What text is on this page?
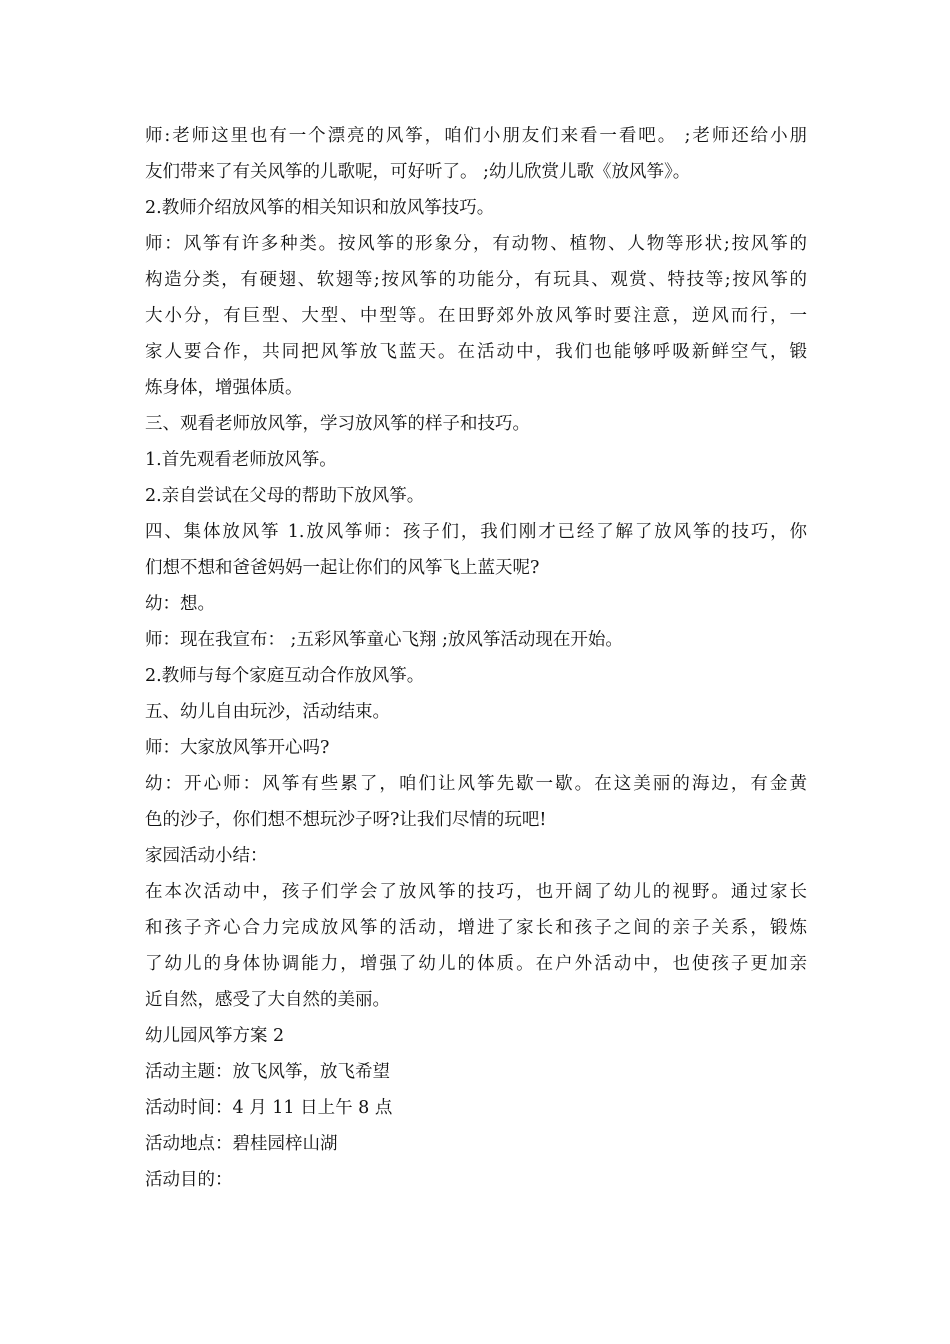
师:老师这里也有一个漂亮的风筝，咱们小朋友们来看一看吧。 ;老师还给小朋
友们带来了有关风筝的儿歌呢，可好听了。 ;幼儿欣赏儿歌《放风筝》。
2.教师介绍放风筝的相关知识和放风筝技巧。
师：风筝有许多种类。按风筝的形象分，有动物、植物、人物等形状;按风筝的
构造分类，有硬翅、软翅等;按风筝的功能分，有玩具、观赏、特技等;按风筝的
大小分，有巨型、大型、中型等。在田野郊外放风筝时要注意，逆风而行，一
家人要合作，共同把风筝放飞蓝天。在活动中，我们也能够呼吸新鲜空气，锻
炼身体，增强体质。
三、观看老师放风筝，学习放风筝的样子和技巧。
1.首先观看老师放风筝。
2.亲自尝试在父母的帮助下放风筝。
四、集体放风筝 1.放风筝师：孩子们，我们刚才已经了解了放风筝的技巧，你
们想不想和爸爸妈妈一起让你们的风筝飞上蓝天呢?
幼：想。
师：现在我宣布： ;五彩风筝童心飞翔 ;放风筝活动现在开始。
2.教师与每个家庭互动合作放风筝。
五、幼儿自由玩沙，活动结束。
师：大家放风筝开心吗?
幼：开心师：风筝有些累了，咱们让风筝先歇一歇。在这美丽的海边，有金黄
色的沙子，你们想不想玩沙子呀?让我们尽情的玩吧!
家园活动小结：
在本次活动中，孩子们学会了放风筝的技巧，也开阔了幼儿的视野。通过家长
和孩子齐心合力完成放风筝的活动，增进了家长和孩子之间的亲子关系，锻炼
了幼儿的身体协调能力，增强了幼儿的体质。在户外活动中，也使孩子更加亲
近自然，感受了大自然的美丽。
幼儿园风筝方案 2
活动主题：放飞风筝，放飞希望
活动时间：4 月 11 日上午 8 点
活动地点：碧桂园梓山湖
活动目的：
